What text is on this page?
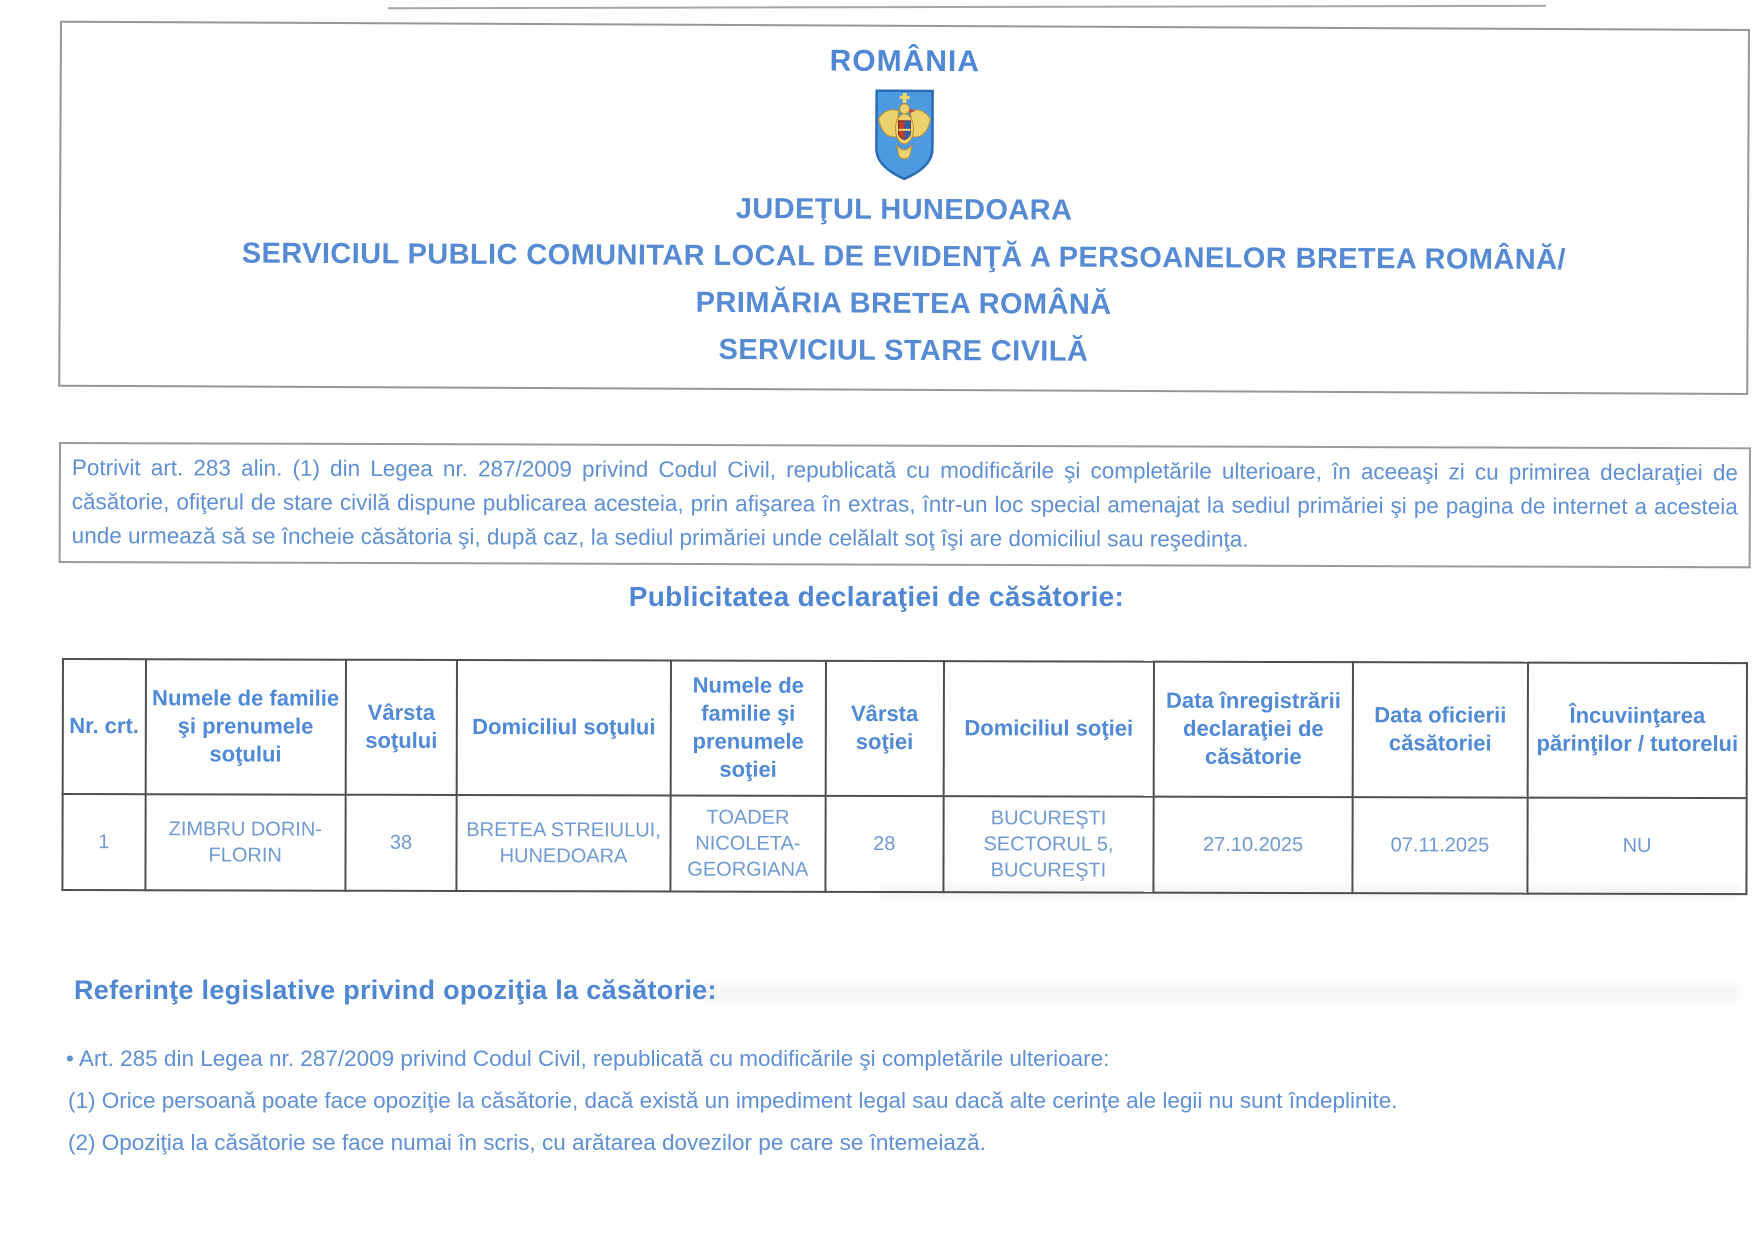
ROMÂNIA
JUDEŢUL HUNEDOARA
SERVICIUL PUBLIC COMUNITAR LOCAL DE EVIDENŢĂ A PERSOANELOR BRETEA ROMÂNĂ/
PRIMĂRIA BRETEA ROMÂNĂ
SERVICIUL STARE CIVILĂ
Potrivit art. 283 alin. (1) din Legea nr. 287/2009 privind Codul Civil, republicată cu modificările şi completările ulterioare, în aceeaşi zi cu primirea declaraţiei de căsătorie, ofiţerul de stare civilă dispune publicarea acesteia, prin afişarea în extras, într-un loc special amenajat la sediul primăriei şi pe pagina de internet a acesteia unde urmează să se încheie căsătoria şi, după caz, la sediul primăriei unde celălalt soţ îşi are domiciliul sau reşedinţa.
Publicitatea declaraţiei de căsătorie:
Nr. crt.	Numele de familie şi prenumele soţului	Vârsta soţului	Domiciliul soţului	Numele de familie şi prenumele soţiei	Vârsta soţiei	Domiciliul soţiei	Data înregistrării declaraţiei de căsătorie	Data oficierii căsătoriei	Încuviinţarea părinţilor / tutorelui
1	ZIMBRU DORIN-FLORIN	38	BRETEA STREIULUI, HUNEDOARA	TOADER NICOLETA-GEORGIANA	28	BUCUREŞTI SECTORUL 5, BUCUREŞTI	27.10.2025	07.11.2025	NU
Referinţe legislative privind opoziţia la căsătorie:
• Art. 285 din Legea nr. 287/2009 privind Codul Civil, republicată cu modificările şi completările ulterioare:
(1) Orice persoană poate face opoziţie la căsătorie, dacă există un impediment legal sau dacă alte cerinţe ale legii nu sunt îndeplinite.
(2) Opoziţia la căsătorie se face numai în scris, cu arătarea dovezilor pe care se întemeiază.
